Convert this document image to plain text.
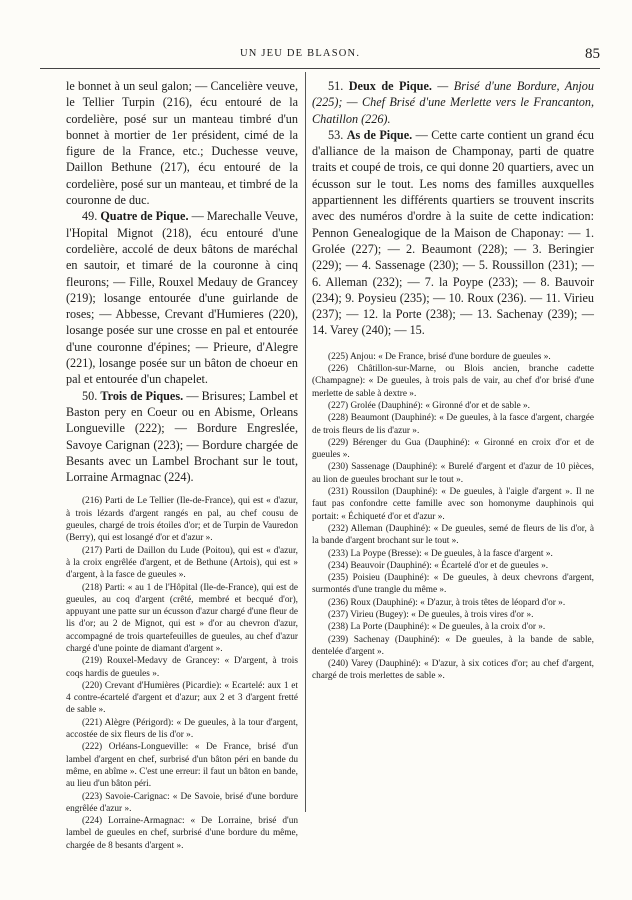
UN JEU DE BLASON.	85

le bonnet à un seul galon; — Cancelière veuve, le Tellier Turpin (216), écu entouré de la cordelière, posé sur un manteau timbré d'un bonnet à mortier de 1er président, cimé de la figure de la France, etc.; Duchesse veuve, Daillon Bethune (217), écu entouré de la cordelière, posé sur un manteau, et timbré de la couronne de duc.

49. Quatre de Pique. — Marechalle Veuve, l'Hopital Mignot (218), écu entouré d'une cordelière, accolé de deux bâtons de maréchal en sautoir, et timaré de la couronne à cinq fleurons; — Fille, Rouxel Medauy de Grancey (219); losange entourée d'une guirlande de roses; — Abbesse, Crevant d'Humieres (220), losange posée sur une crosse en pal et entourée d'une couronne d'épines; — Prieure, d'Alegre (221), losange posée sur un bâton de choeur en pal et entourée d'un chapelet.

50. Trois de Piques. — Brisures; Lambel et Baston pery en Coeur ou en Abisme, Orleans Longueville (222); — Bordure Engreslée, Savoye Carignan (223); — Bordure chargée de Besants avec un Lambel Brochant sur le tout, Lorraine Armagnac (224).

(216) Parti de Le Tellier (Ile-de-France), qui est « d'azur, à trois lézards d'argent rangés en pal, au chef cousu de gueules, chargé de trois étoiles d'or; et de Turpin de Vauredon (Berry), qui est losangé d'or et d'azur ».

(217) Parti de Daillon du Lude (Poitou), qui est « d'azur, à la croix engrêlée d'argent, et de Bethune (Artois), qui est » d'argent, à la fasce de gueules ».

(218) Parti: « au 1 de l'Hôpital (Ile-de-France), qui est de gueules, au coq d'argent (crêté, membré et becqué d'or), appuyant une patte sur un écusson d'azur chargé d'une fleur de lis d'or; au 2 de Mignot, qui est » d'or au chevron d'azur, accompagné de trois quartefeuilles de gueules, au chef d'azur chargé d'une pointe de diamant d'argent ».

(219) Rouxel-Medavy de Grancey: « D'argent, à trois coqs hardis de gueules ».

(220) Crevant d'Humières (Picardie): « Ecartelé: aux 1 et 4 contre-écartelé d'argent et d'azur; aux 2 et 3 d'argent fretté de sable ».

(221) Alègre (Périgord): « De gueules, à la tour d'argent, accostée de six fleurs de lis d'or ».

(222) Orléans-Longueville: « De France, brisé d'un lambel d'argent en chef, surbrisé d'un bâton péri en bande du même, en abîme ». C'est une erreur: il faut un bâton en bande, au lieu d'un bâton péri.

(223) Savoie-Carignac: « De Savoie, brisé d'une bordure engrêlée d'azur ».

(224) Lorraine-Armagnac: « De Lorraine, brisé d'un lambel de gueules en chef, surbrisé d'une bordure du même, chargée de 8 besants d'argent ».

51. Deux de Pique. — Brisé d'une Bordure, Anjou (225); — Chef Brisé d'une Merlette vers le Francanton, Chatillon (226).

53. As de Pique. — Cette carte contient un grand écu d'alliance de la maison de Champonay, parti de quatre traits et coupé de trois, ce qui donne 20 quartiers, avec un écusson sur le tout. Les noms des familles auxquelles appartiennent les différents quartiers se trouvent inscrits avec des numéros d'ordre à la suite de cette indication: Pennon Genealogique de la Maison de Chaponay: — 1. Grolée (227); — 2. Beaumont (228); — 3. Beringier (229); — 4. Sassenage (230); — 5. Roussillon (231); — 6. Alleman (232); — 7. la Poype (233); — 8. Bauvoir (234); 9. Poysieu (235); — 10. Roux (236). — 11. Virieu (237); — 12. la Porte (238); — 13. Sachenay (239); — 14. Varey (240); — 15.

(225) Anjou: « De France, brisé d'une bordure de gueules ».

(226) Châtillon-sur-Marne, ou Blois ancien, branche cadette (Champagne): « De gueules, à trois pals de vair, au chef d'or brisé d'une merlette de sable à dextre ».

(227) Grolée (Dauphiné): « Gironné d'or et de sable ».

(228) Beaumont (Dauphiné): « De gueules, à la fasce d'argent, chargée de trois fleurs de lis d'azur ».

(229) Bérenger du Gua (Dauphiné): « Gironné en croix d'or et de gueules ».

(230) Sassenage (Dauphiné): « Burelé d'argent et d'azur de 10 pièces, au lion de gueules brochant sur le tout ».

(231) Roussilon (Dauphiné): « De gueules, à l'aigle d'argent ». Il ne faut pas confondre cette famille avec son homonyme dauphinois qui portait: « Échiqueté d'or et d'azur ».

(232) Alleman (Dauphiné): « De gueules, semé de fleurs de lis d'or, à la bande d'argent brochant sur le tout ».

(233) La Poype (Bresse): « De gueules, à la fasce d'argent ».

(234) Beauvoir (Dauphiné): « Écartelé d'or et de gueules ».

(235) Poisieu (Dauphiné): « De gueules, à deux chevrons d'argent, surmontés d'une trangle du même ».

(236) Roux (Dauphiné): « D'azur, à trois têtes de léopard d'or ».

(237) Virieu (Bugey): « De gueules, à trois vires d'or ».

(238) La Porte (Dauphiné): « De gueules, à la croix d'or ».

(239) Sachenay (Dauphiné): « De gueules, à la bande de sable, dentelée d'argent ».

(240) Varey (Dauphiné): « D'azur, à six cotices d'or; au chef d'argent, chargé de trois merlettes de sable ».
